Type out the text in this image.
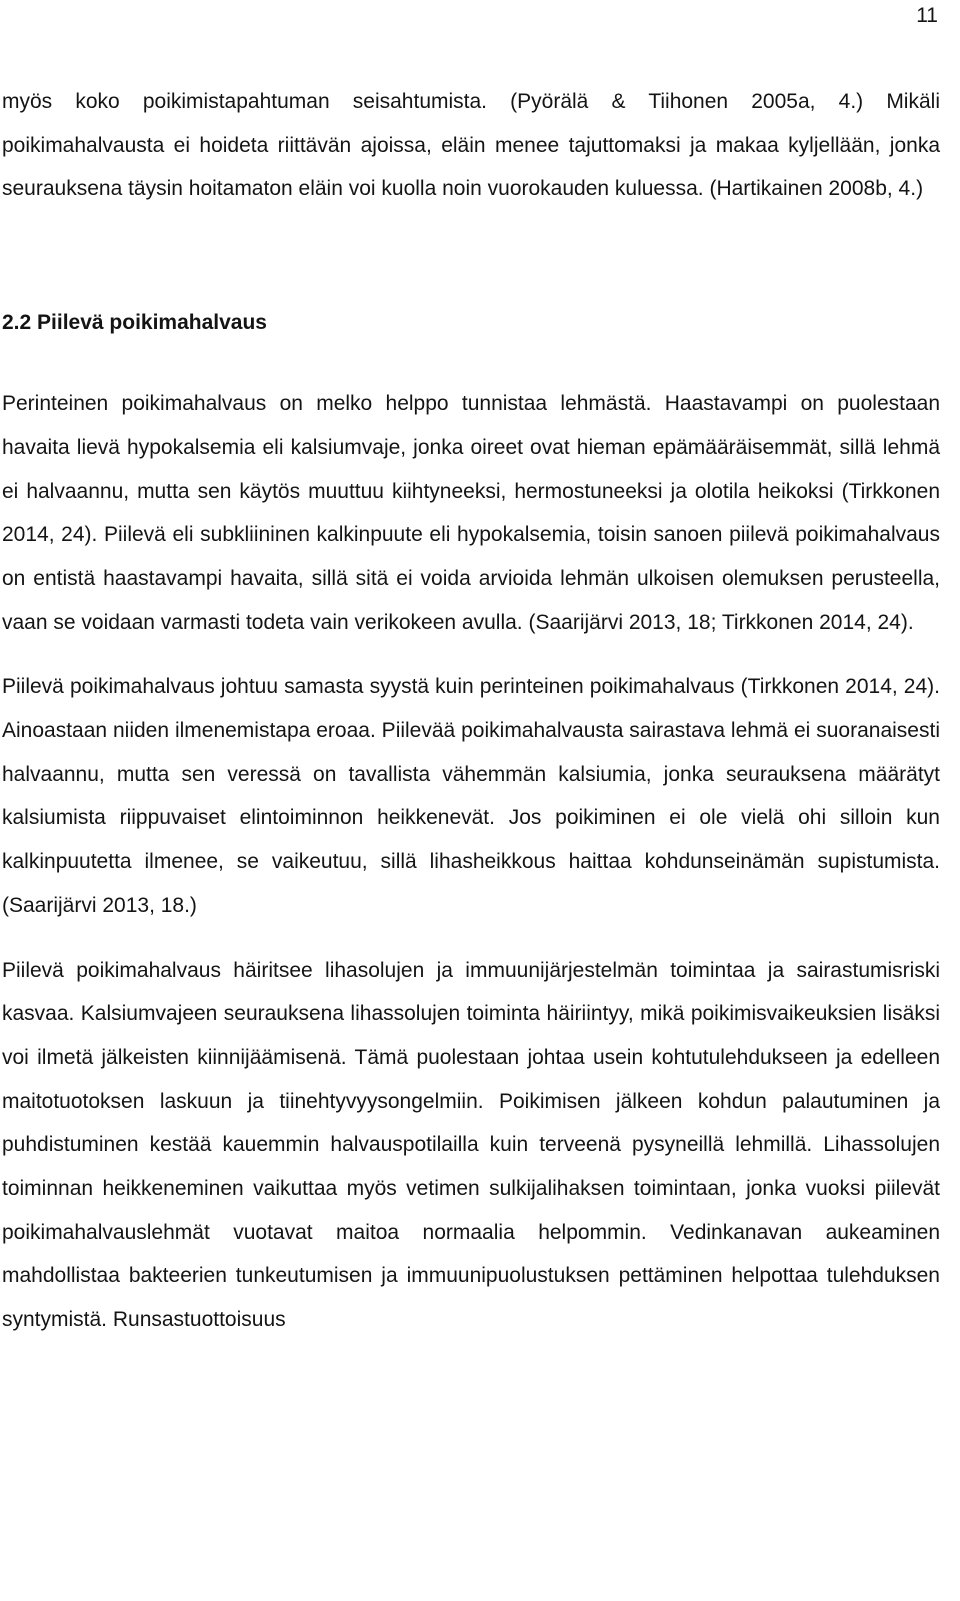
11

myös koko poikimistapahtuman seisahtumista. (Pyörälä & Tiihonen 2005a, 4.) Mikäli poikimahalvausta ei hoideta riittävän ajoissa, eläin menee tajuttomaksi ja makaa kyljellään, jonka seurauksena täysin hoitamaton eläin voi kuolla noin vuorokauden kuluessa. (Hartikainen 2008b, 4.)

2.2 Piilevä poikimahalvaus

Perinteinen poikimahalvaus on melko helppo tunnistaa lehmästä. Haastavampi on puolestaan havaita lievä hypokalsemia eli kalsiumvaje, jonka oireet ovat hieman epämääräisemmät, sillä lehmä ei halvaannu, mutta sen käytös muuttuu kiihtyneeksi, hermostuneeksi ja olotila heikoksi (Tirkkonen 2014, 24). Piilevä eli subkliininen kalkinpuute eli hypokalsemia, toisin sanoen piilevä poikimahalvaus on entistä haastavampi havaita, sillä sitä ei voida arvioida lehmän ulkoisen olemuksen perusteella, vaan se voidaan varmasti todeta vain verikokeen avulla. (Saarijärvi 2013, 18; Tirkkonen 2014, 24).

Piilevä poikimahalvaus johtuu samasta syystä kuin perinteinen poikimahalvaus (Tirkkonen 2014, 24). Ainoastaan niiden ilmenemistapa eroaa. Piilevää poikimahalvausta sairastava lehmä ei suoranaisesti halvaannu, mutta sen veressä on tavallista vähemmän kalsiumia, jonka seurauksena määrätyt kalsiumista riippuvaiset elintoiminnon heikkenevät. Jos poikiminen ei ole vielä ohi silloin kun kalkinpuutetta ilmenee, se vaikeutuu, sillä lihasheikkous haittaa kohdunseinämän supistumista. (Saarijärvi 2013, 18.)

Piilevä poikimahalvaus häiritsee lihasolujen ja immuunijärjestelmän toimintaa ja sairastumisriski kasvaa. Kalsiumvajeen seurauksena lihassolujen toiminta häiriintyy, mikä poikimisvaikeuksien lisäksi voi ilmetä jälkeisten kiinnijäämisenä. Tämä puolestaan johtaa usein kohtutulehdukseen ja edelleen maitotuotoksen laskuun ja tiinehtyvyysongelmiin. Poikimisen jälkeen kohdun palautuminen ja puhdistuminen kestää kauemmin halvauspotilailla kuin terveenä pysyneillä lehmillä. Lihassolujen toiminnan heikkeneminen vaikuttaa myös vetimen sulkijalihaksen toimintaan, jonka vuoksi piilevät poikimahalvauslehmät vuotavat maitoa normaalia helpommin. Vedinkanavan aukeaminen mahdollistaa bakteerien tunkeutumisen ja immuunipuolustuksen pettäminen helpottaa tulehduksen syntymistä. Runsastuottoisuus
